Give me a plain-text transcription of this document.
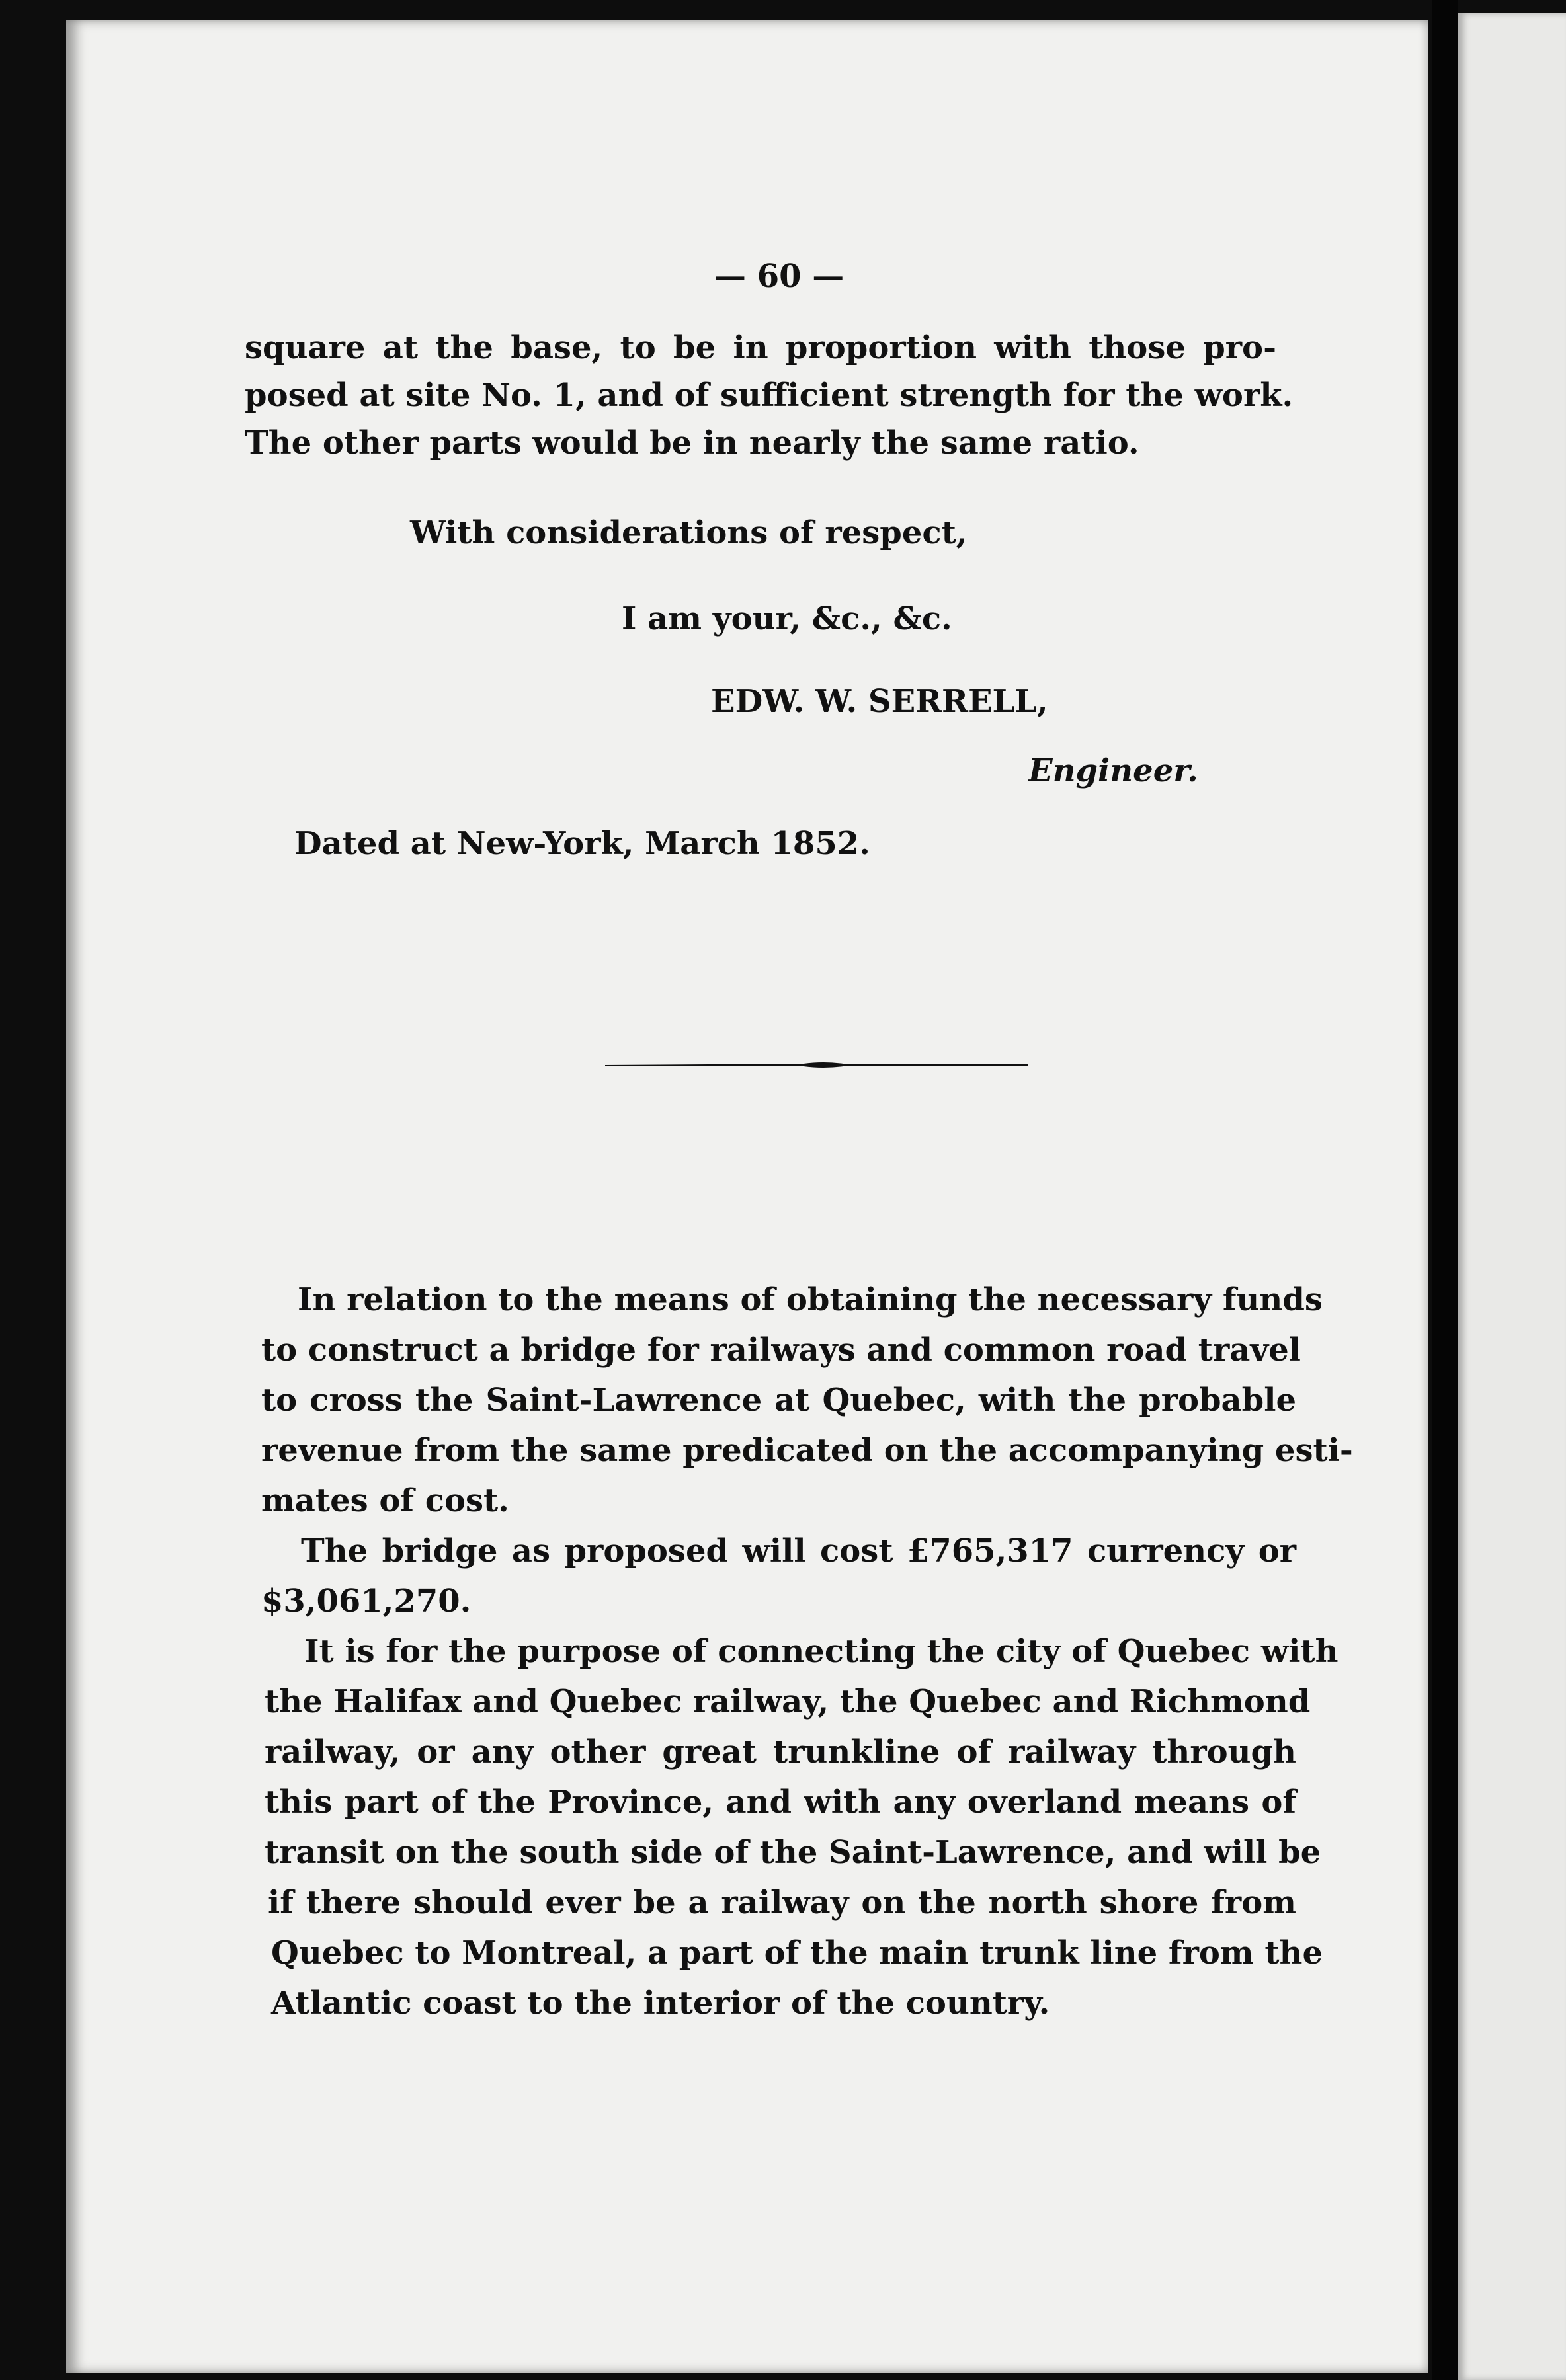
— 60 —
square at the base, to be in proportion with those pro-
posed at site No. 1, and of sufficient strength for the work.
The other parts would be in nearly the same ratio.
With considerations of respect,
I am your, &c., &c.
EDW. W. SERRELL,
Engineer.
Dated at New-York, March 1852.
In relation to the means of obtaining the necessary funds
to construct a bridge for railways and common road travel
to cross the Saint-Lawrence at Quebec, with the probable
revenue from the same predicated on the accompanying esti-
mates of cost.
The bridge as proposed will cost £765,317 currency or
$3,061,270.
It is for the purpose of connecting the city of Quebec with
the Halifax and Quebec railway, the Quebec and Richmond
railway, or any other great trunkline of railway through
this part of the Province, and with any overland means of
transit on the south side of the Saint-Lawrence, and will be
if there should ever be a railway on the north shore from
Quebec to Montreal, a part of the main trunk line from the
Atlantic coast to the interior of the country.
